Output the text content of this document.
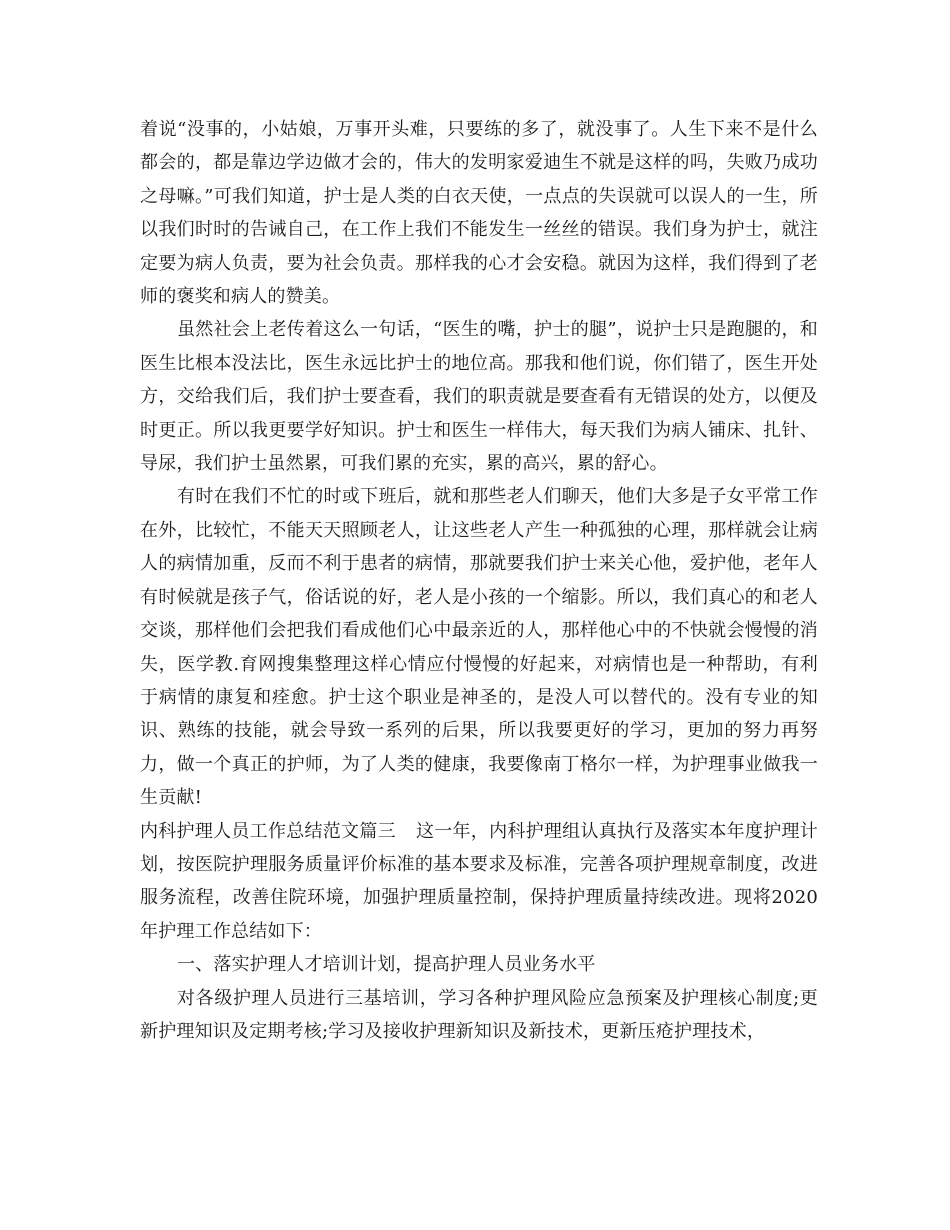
着说“没事的，小姑娘，万事开头难，只要练的多了，就没事了。人生下来不是什么都会的，都是靠边学边做才会的，伟大的发明家爱迪生不就是这样的吗，失败乃成功之母嘛。”可我们知道，护士是人类的白衣天使，一点点的失误就可以误人的一生，所以我们时时的告诫自己，在工作上我们不能发生一丝丝的错误。我们身为护士，就注定要为病人负责，要为社会负责。那样我的心才会安稳。就因为这样，我们得到了老师的褒奖和病人的赞美。

虽然社会上老传着这么一句话，“医生的嘴，护士的腿”，说护士只是跑腿的，和医生比根本没法比，医生永远比护士的地位高。那我和他们说，你们错了，医生开处方，交给我们后，我们护士要查看，我们的职责就是要查看有无错误的处方，以便及时更正。所以我更要学好知识。护士和医生一样伟大，每天我们为病人铺床、扎针、导尿，我们护士虽然累，可我们累的充实，累的高兴，累的舒心。

有时在我们不忙的时或下班后，就和那些老人们聊天，他们大多是子女平常工作在外，比较忙，不能天天照顾老人，让这些老人产生一种孤独的心理，那样就会让病人的病情加重，反而不利于患者的病情，那就要我们护士来关心他，爱护他，老年人有时候就是孩子气，俗话说的好，老人是小孩的一个缩影。所以，我们真心的和老人交谈，那样他们会把我们看成他们心中最亲近的人，那样他心中的不快就会慢慢的消失，医学教.育网搜集整理这样心情应付慢慢的好起来，对病情也是一种帮助，有利于病情的康复和痊愈。护士这个职业是神圣的，是没人可以替代的。没有专业的知识、熟练的技能，就会导致一系列的后果，所以我要更好的学习，更加的努力再努力，做一个真正的护师，为了人类的健康，我要像南丁格尔一样，为护理事业做我一生贡献!

内科护理人员工作总结范文篇三 这一年，内科护理组认真执行及落实本年度护理计划，按医院护理服务质量评价标准的基本要求及标准，完善各项护理规章制度，改进服务流程，改善住院环境，加强护理质量控制，保持护理质量持续改进。现将2020年护理工作总结如下：

一、落实护理人才培训计划，提高护理人员业务水平

对各级护理人员进行三基培训，学习各种护理风险应急预案及护理核心制度;更新护理知识及定期考核;学习及接收护理新知识及新技术，更新压疮护理技术，
